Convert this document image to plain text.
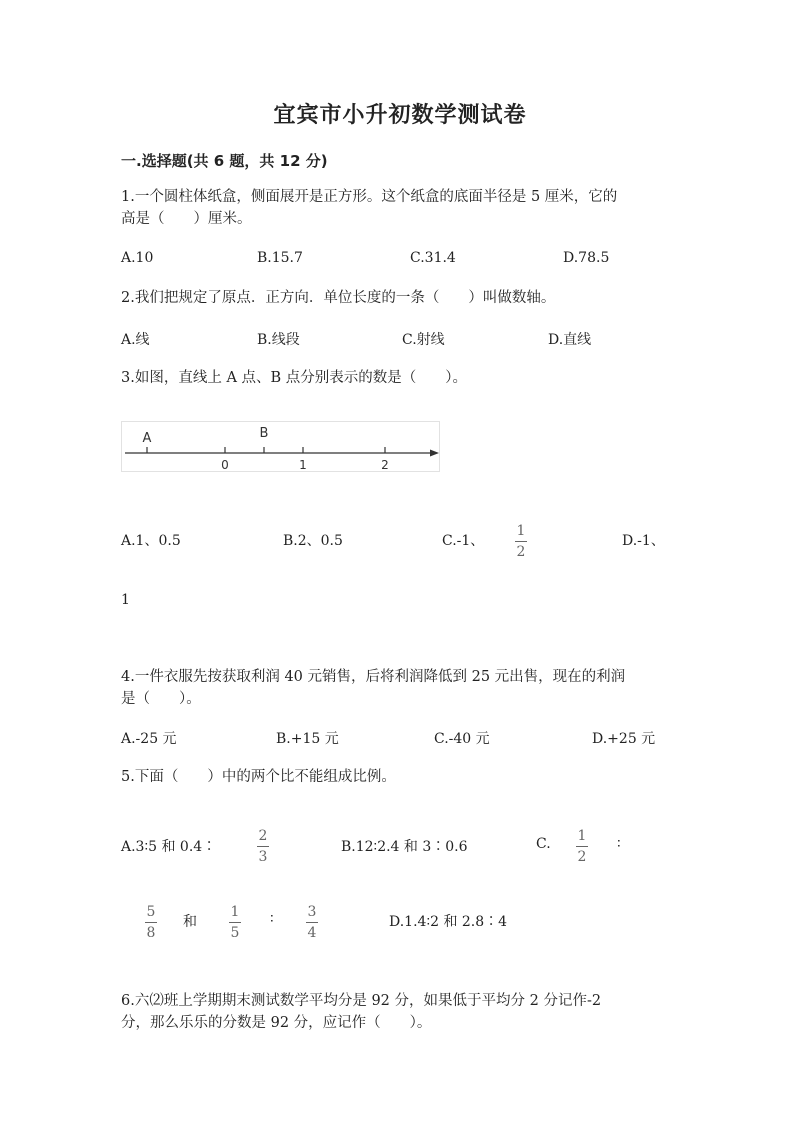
宜宾市小升初数学测试卷
一.选择题(共 6 题，共 12 分)
1.一个圆柱体纸盒，侧面展开是正方形。这个纸盒的底面半径是 5 厘米，它的
高是（　　）厘米。
A.10	B.15.7	C.31.4	D.78.5
2.我们把规定了原点．正方向．单位长度的一条（　　）叫做数轴。
A.线	B.线段	C.射线	D.直线
3.如图，直线上 A 点、B 点分别表示的数是（　　）。
A	B
0	1	2
A.1、0.5	B.2、0.5	C.-1、
1
2
D.-1、
1
4.一件衣服先按获取利润 40 元销售，后将利润降低到 25 元出售，现在的利润
是（　　）。
A.-25 元	B.+15 元	C.-40 元	D.+25 元
5.下面（　　）中的两个比不能组成比例。
A.3∶5 和 0.4∶
2
3
B.12∶2.4 和 3∶0.6	C. 1
2
∶
5
8
和
1
5
∶ 3
4
D.1.4∶2 和 2.8∶4
6.六⑵班上学期期末测试数学平均分是 92 分，如果低于平均分 2 分记作-2
分，那么乐乐的分数是 92 分，应记作（　　）。
